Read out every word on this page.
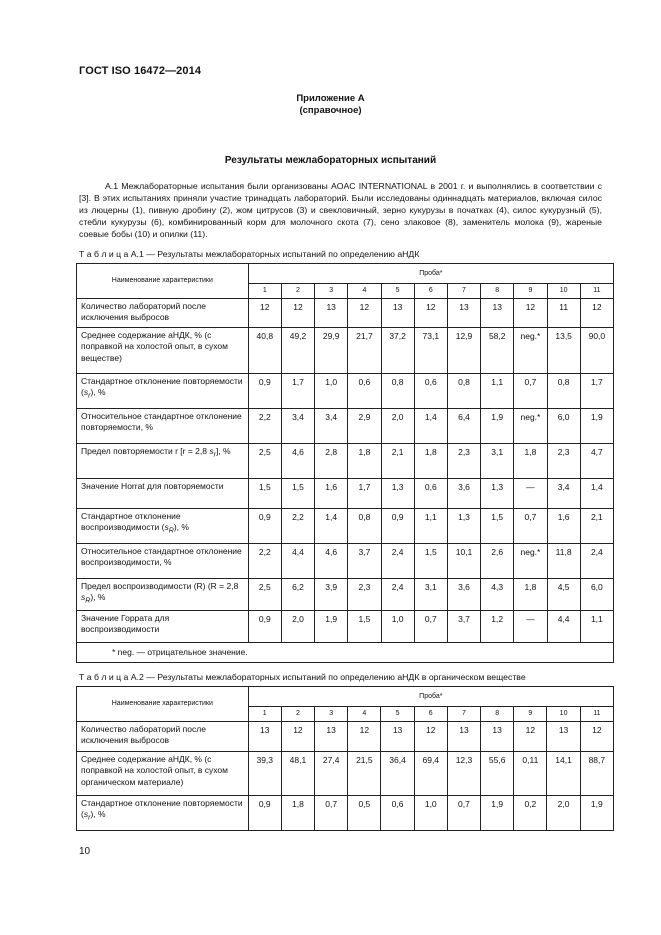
ГОСТ ISO 16472—2014
Приложение А
(справочное)
Результаты межлабораторных испытаний

А.1 Межлабораторные испытания были организованы AOAC INTERNATIONAL в 2001 г. и выполнялись в соответствии с [3]. В этих испытаниях приняли участие тринадцать лабораторий. Были исследованы одиннадцать материалов, включая силос из люцерны (1), пивную дробину (2), жом цитрусов (3) и свекловичный, зерно кукурузы в початках (4), силос кукурузный (5), стебли кукурузы (6), комбинированный корм для молочного скота (7), сено злаковое (8), заменитель молока (9), жареные соевые бобы (10) и опилки (11).

Т а б л и ц а А.1 — Результаты межлабораторных испытаний по определению аНДК
Наименование характеристики	Проба*										
	1	2	3	4	5	6	7	8	9	10	11
Количество лабораторий после исключения выбросов	12	12	13	12	13	12	13	13	12	11	12
Среднее содержание аНДК, % (с поправкой на холостой опыт, в сухом веществе)	40,8	49,2	29,9	21,7	37,2	73,1	12,9	58,2	neg.*	13,5	90,0
Стандартное отклонение повторяемости $(s_r)$, %	0,9	1,7	1,0	0,6	0,8	0,6	0,8	1,1	0,7	0,8	1,7
Относительное стандартное отклонение повторяемости, %	2,2	3,4	3,4	2,9	2,0	1,4	6,4	1,9	neg.*	6,0	1,9
Предел повторяемости r [r = 2,8 $s_r$], %	2,5	4,6	2,8	1,8	2,1	1,8	2,3	3,1	1,8	2,3	4,7
Значение Horrat для повторяемости	1,5	1,5	1,6	1,7	1,3	0,6	3,6	1,3	—	3,4	1,4
Стандартное отклонение воспроизводимости $(s_R)$, %	0,9	2,2	1,4	0,8	0,9	1,1	1,3	1,5	0,7	1,6	2,1
Относительное стандартное отклонение воспроизводимости, %	2,2	4,4	4,6	3,7	2,4	1,5	10,1	2,6	neg.*	11,8	2,4
Предел воспроизводимости (R) (R = 2,8 $s_R$), %	2,5	6,2	3,9	2,3	2,4	3,1	3,6	4,3	1,8	4,5	6,0
Значение Горрата для воспроизводимости	0,9	2,0	1,9	1,5	1,0	0,7	3,7	1,2	—	4,4	1,1
* neg. — отрицательное значение.											
Т а б л и ц а А.2 — Результаты межлабораторных испытаний по определению аНДК в органическом веществе
Наименование характеристики	Проба*										
	1	2	3	4	5	6	7	8	9	10	11
Количество лабораторий после исключения выбросов	13	12	13	12	13	12	13	13	12	13	12
Среднее содержание аНДК, % (с поправкой на холостой опыт, в сухом органическом материале)	39,3	48,1	27,4	21,5	36,4	69,4	12,3	55,6	0,11	14,1	88,7
Стандартное отклонение повторяемости $(s_r)$, %	0,9	1,8	0,7	0,5	0,6	1,0	0,7	1,9	0,2	2,0	1,9
10
